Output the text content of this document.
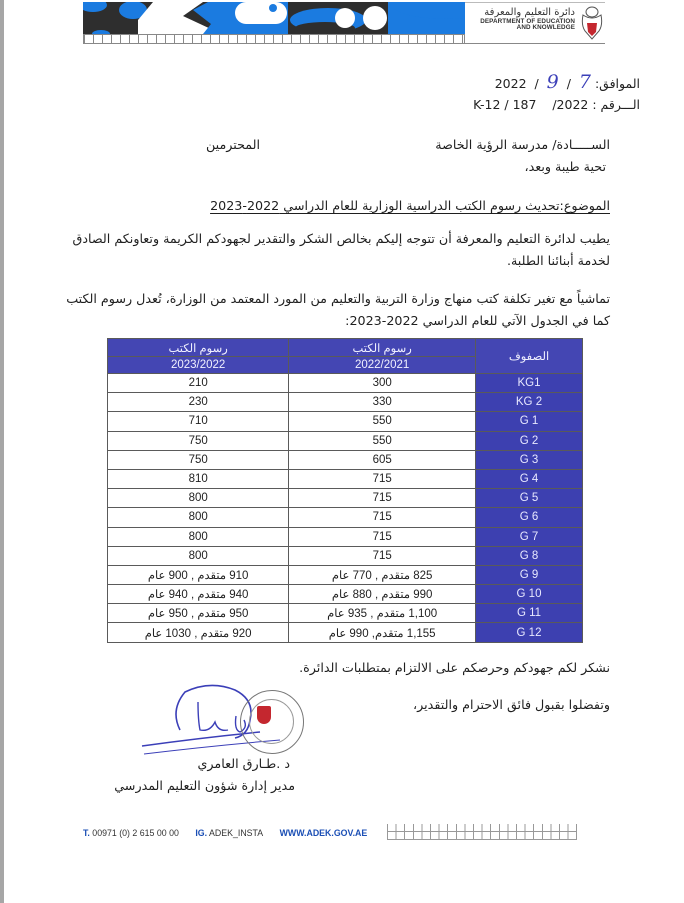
دائرة التعليم والمعرفة
DEPARTMENT OF EDUCATION
AND KNOWLEDGE
الموافق: 2022  /  9  /  7
الـــرقم : K-12 / 187    /2022
الســـــادة/ مدرسة الرؤية الخاصة
المحترمين
تحية طيبة وبعد،
الموضوع:تحديث رسوم الكتب الدراسية الوزارية للعام الدراسي 2022-2023
يطيب لدائرة التعليم والمعرفة أن تتوجه إليكم بخالص الشكر والتقدير لجهودكم الكريمة وتعاونكم الصادق لخدمة أبنائنا الطلبة.
تماشياً مع تغير تكلفة كتب منهاج وزارة التربية والتعليم من المورد المعتمد من الوزارة، تُعدل رسوم الكتب كما في الجدول الآتي للعام الدراسي 2022-2023:
رسوم الكتب	رسوم الكتب	الصفوف
2023/2022	2022/2021	
210	300	KG1
230	330	KG 2
710	550	G 1
750	550	G 2
750	605	G 3
810	715	G 4
800	715	G 5
800	715	G 6
800	715	G 7
800	715	G 8
910 متقدم , 900 عام	825 متقدم , 770 عام	G 9
940 متقدم , 940 عام	990 متقدم , 880 عام	G 10
950 متقدم , 950 عام	1,100 متقدم , 935 عام	G 11
920 متقدم , 1030 عام	1,155 متقدم, 990 عام	G 12
نشكر لكم جهودكم وحرصكم على الالتزام بمتطلبات الدائرة.
وتفضلوا بقبول فائق الاحترام والتقدير،
د .طـارق العامري
مدير إدارة شؤون التعليم المدرسي
T. 00971 (0) 2 615 00 00 IG. ADEK_INSTA WWW.ADEK.GOV.AE
